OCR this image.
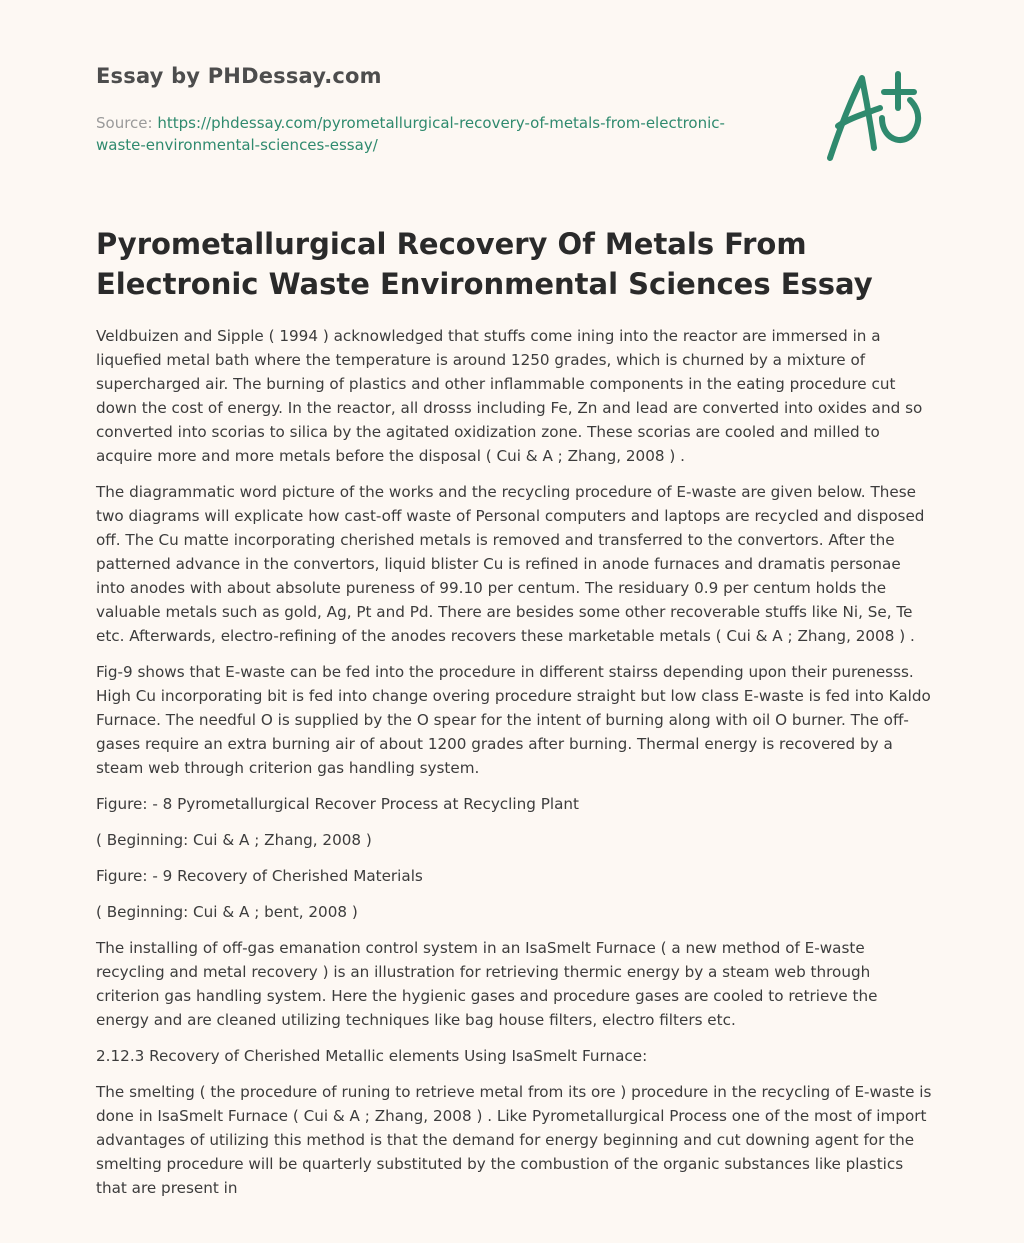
Essay by PHDessay.com
Source: https://phdessay.com/pyrometallurgical-recovery-of-metals-from-electronic-waste-environmental-sciences-essay/
Pyrometallurgical Recovery Of Metals From Electronic Waste Environmental Sciences Essay

Veldbuizen and Sipple ( 1994 ) acknowledged that stuffs come ining into the reactor are immersed in a liquefied metal bath where the temperature is around 1250 grades, which is churned by a mixture of supercharged air. The burning of plastics and other inflammable components in the eating procedure cut down the cost of energy. In the reactor, all drosss including Fe, Zn and lead are converted into oxides and so converted into scorias to silica by the agitated oxidization zone. These scorias are cooled and milled to acquire more and more metals before the disposal ( Cui & A ; Zhang, 2008 ) .

The diagrammatic word picture of the works and the recycling procedure of E-waste are given below. These two diagrams will explicate how cast-off waste of Personal computers and laptops are recycled and disposed off. The Cu matte incorporating cherished metals is removed and transferred to the convertors. After the patterned advance in the convertors, liquid blister Cu is refined in anode furnaces and dramatis personae into anodes with about absolute pureness of 99.10 per centum. The residuary 0.9 per centum holds the valuable metals such as gold, Ag, Pt and Pd. There are besides some other recoverable stuffs like Ni, Se, Te etc. Afterwards, electro-refining of the anodes recovers these marketable metals ( Cui & A ; Zhang, 2008 ) .

Fig-9 shows that E-waste can be fed into the procedure in different stairss depending upon their purenesss. High Cu incorporating bit is fed into change overing procedure straight but low class E-waste is fed into Kaldo Furnace. The needful O is supplied by the O spear for the intent of burning along with oil O burner. The off-gases require an extra burning air of about 1200 grades after burning. Thermal energy is recovered by a steam web through criterion gas handling system.

Figure: - 8 Pyrometallurgical Recover Process at Recycling Plant

( Beginning: Cui & A ; Zhang, 2008 )

Figure: - 9 Recovery of Cherished Materials

( Beginning: Cui & A ; bent, 2008 )

The installing of off-gas emanation control system in an IsaSmelt Furnace ( a new method of E-waste recycling and metal recovery ) is an illustration for retrieving thermic energy by a steam web through criterion gas handling system. Here the hygienic gases and procedure gases are cooled to retrieve the energy and are cleaned utilizing techniques like bag house filters, electro filters etc.

2.12.3 Recovery of Cherished Metallic elements Using IsaSmelt Furnace:

The smelting ( the procedure of runing to retrieve metal from its ore ) procedure in the recycling of E-waste is done in IsaSmelt Furnace ( Cui & A ; Zhang, 2008 ) . Like Pyrometallurgical Process one of the most of import advantages of utilizing this method is that the demand for energy beginning and cut downing agent for the smelting procedure will be quarterly substituted by the combustion of the organic substances like plastics that are present in
